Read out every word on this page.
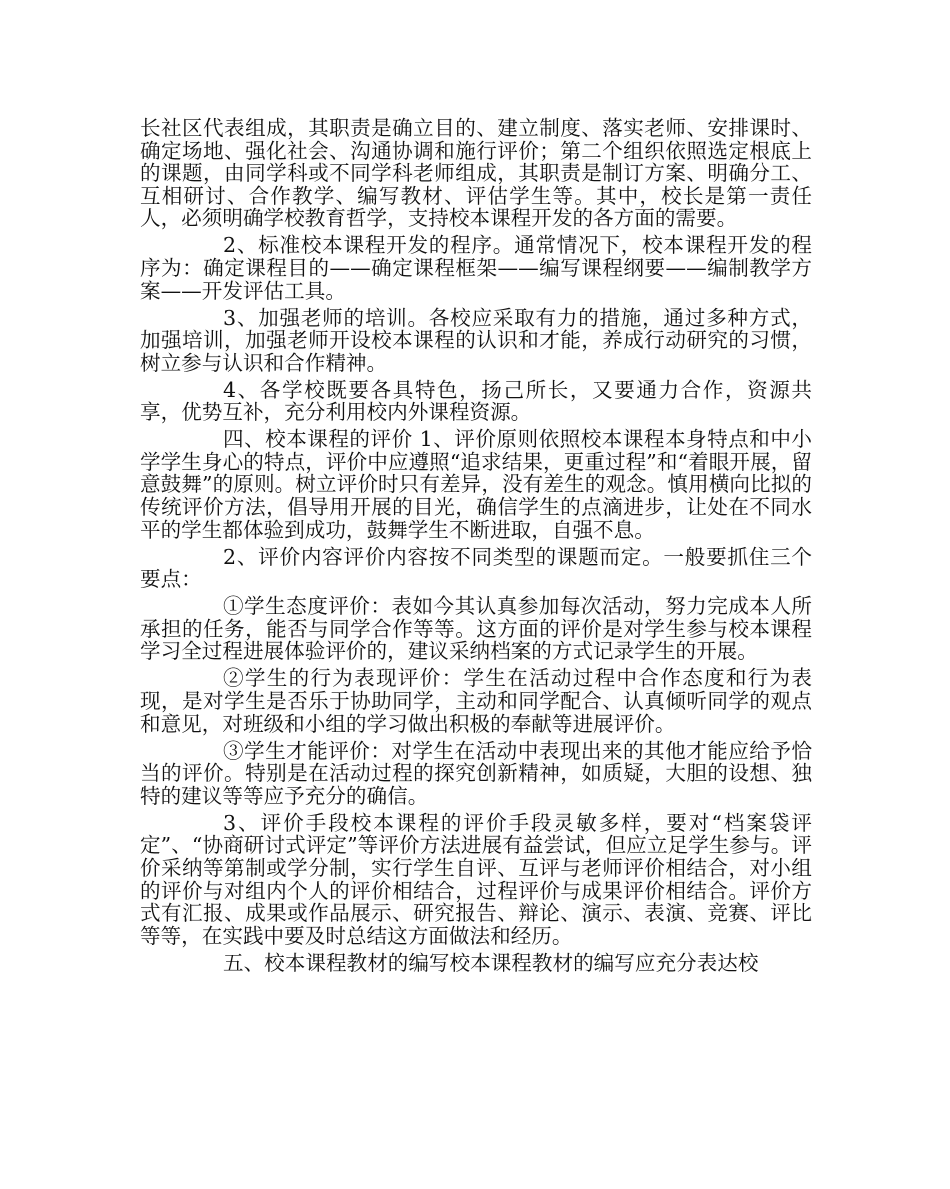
长社区代表组成，其职责是确立目的、建立制度、落实老师、安排课时、确定场地、强化社会、沟通协调和施行评价；第二个组织依照选定根底上的课题，由同学科或不同学科老师组成，其职责是制订方案、明确分工、互相研讨、合作教学、编写教材、评估学生等。其中，校长是第一责任人，必须明确学校教育哲学，支持校本课程开发的各方面的需要。

2、标准校本课程开发的程序。通常情况下，校本课程开发的程序为：确定课程目的——确定课程框架——编写课程纲要——编制教学方案——开发评估工具。

3、加强老师的培训。各校应采取有力的措施，通过多种方式，加强培训，加强老师开设校本课程的认识和才能，养成行动研究的习惯，树立参与认识和合作精神。

4、各学校既要各具特色，扬己所长，又要通力合作，资源共享，优势互补，充分利用校内外课程资源。

四、校本课程的评价 1、评价原则依照校本课程本身特点和中小学学生身心的特点，评价中应遵照“追求结果，更重过程”和“着眼开展，留意鼓舞”的原则。树立评价时只有差异，没有差生的观念。慎用横向比拟的传统评价方法，倡导用开展的目光，确信学生的点滴进步，让处在不同水平的学生都体验到成功，鼓舞学生不断进取，自强不息。

2、评价内容评价内容按不同类型的课题而定。一般要抓住三个要点：

①学生态度评价：表如今其认真参加每次活动，努力完成本人所承担的任务，能否与同学合作等等。这方面的评价是对学生参与校本课程学习全过程进展体验评价的，建议采纳档案的方式记录学生的开展。

②学生的行为表现评价：学生在活动过程中合作态度和行为表现，是对学生是否乐于协助同学，主动和同学配合、认真倾听同学的观点和意见，对班级和小组的学习做出积极的奉献等进展评价。

③学生才能评价：对学生在活动中表现出来的其他才能应给予恰当的评价。特别是在活动过程的探究创新精神，如质疑，大胆的设想、独特的建议等等应予充分的确信。

3、评价手段校本课程的评价手段灵敏多样，要对“档案袋评定”、“协商研讨式评定”等评价方法进展有益尝试，但应立足学生参与。评价采纳等第制或学分制，实行学生自评、互评与老师评价相结合，对小组的评价与对组内个人的评价相结合，过程评价与成果评价相结合。评价方式有汇报、成果或作品展示、研究报告、辩论、演示、表演、竞赛、评比等等，在实践中要及时总结这方面做法和经历。

五、校本课程教材的编写校本课程教材的编写应充分表达校
